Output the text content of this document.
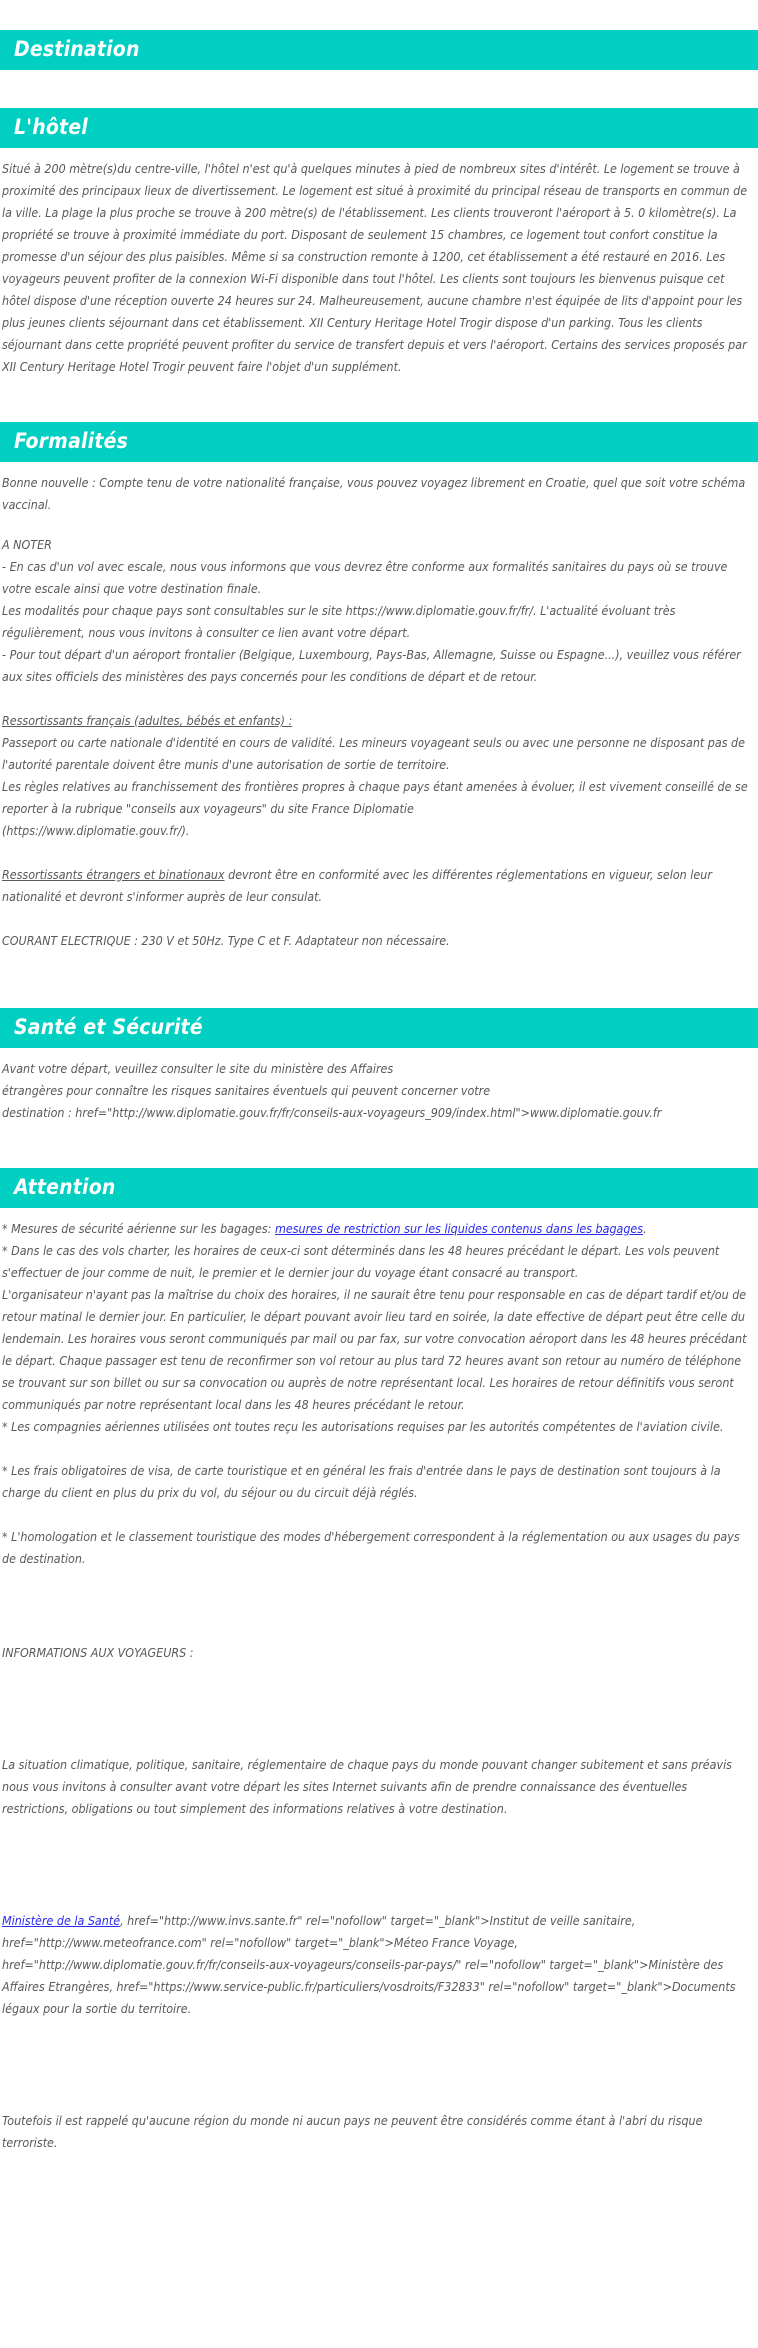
Destination
L'hôtel

Situé à 200 mètre(s)du centre-ville, l'hôtel n'est qu'à quelques minutes à pied de nombreux sites d'intérêt. Le logement se trouve à proximité des principaux lieux de divertissement. Le logement est situé à proximité du principal réseau de transports en commun de la ville. La plage la plus proche se trouve à 200 mètre(s) de l'établissement. Les clients trouveront l'aéroport à 5. 0 kilomètre(s). La propriété se trouve à proximité immédiate du port. Disposant de seulement 15 chambres, ce logement tout confort constitue la promesse d'un séjour des plus paisibles. Même si sa construction remonte à 1200, cet établissement a été restauré en 2016. Les voyageurs peuvent profiter de la connexion Wi-Fi disponible dans tout l'hôtel. Les clients sont toujours les bienvenus puisque cet hôtel dispose d'une réception ouverte 24 heures sur 24. Malheureusement, aucune chambre n'est équipée de lits d'appoint pour les plus jeunes clients séjournant dans cet établissement. XII Century Heritage Hotel Trogir dispose d'un parking. Tous les clients séjournant dans cette propriété peuvent profiter du service de transfert depuis et vers l'aéroport. Certains des services proposés par XII Century Heritage Hotel Trogir peuvent faire l'objet d'un supplément.

Formalités

Bonne nouvelle : Compte tenu de votre nationalité française, vous pouvez voyagez librement en Croatie, quel que soit votre schéma vaccinal.

A NOTER

- En cas d'un vol avec escale, nous vous informons que vous devrez être conforme aux formalités sanitaires du pays où se trouve votre escale ainsi que votre destination finale.

Les modalités pour chaque pays sont consultables sur le site https://www.diplomatie.gouv.fr/fr/. L'actualité évoluant très régulièrement, nous vous invitons à consulter ce lien avant votre départ.

- Pour tout départ d'un aéroport frontalier (Belgique, Luxembourg, Pays-Bas, Allemagne, Suisse ou Espagne...), veuillez vous référer aux sites officiels des ministères des pays concernés pour les conditions de départ et de retour.

Ressortissants français (adultes, bébés et enfants) :

Passeport ou carte nationale d'identité en cours de validité. Les mineurs voyageant seuls ou avec une personne ne disposant pas de l'autorité parentale doivent être munis d'une autorisation de sortie de territoire.

Les règles relatives au franchissement des frontières propres à chaque pays étant amenées à évoluer, il est vivement conseillé de se reporter à la rubrique "conseils aux voyageurs" du site France Diplomatie

(https://www.diplomatie.gouv.fr/).

Ressortissants étrangers et binationaux devront être en conformité avec les différentes réglementations en vigueur, selon leur nationalité et devront s'informer auprès de leur consulat.

COURANT ELECTRIQUE : 230 V et 50Hz. Type C et F. Adaptateur non nécessaire.

Santé et Sécurité

Avant votre départ, veuillez consulter le site du ministère des Affaires

étrangères pour connaître les risques sanitaires éventuels qui peuvent concerner votre

destination : href="http://www.diplomatie.gouv.fr/fr/conseils-aux-voyageurs_909/index.html">www.diplomatie.gouv.fr

Attention

* Mesures de sécurité aérienne sur les bagages: mesures de restriction sur les liquides contenus dans les bagages.

* Dans le cas des vols charter, les horaires de ceux-ci sont déterminés dans les 48 heures précédant le départ. Les vols peuvent s'effectuer de jour comme de nuit, le premier et le dernier jour du voyage étant consacré au transport.

L'organisateur n'ayant pas la maîtrise du choix des horaires, il ne saurait être tenu pour responsable en cas de départ tardif et/ou de retour matinal le dernier jour. En particulier, le départ pouvant avoir lieu tard en soirée, la date effective de départ peut être celle du lendemain. Les horaires vous seront communiqués par mail ou par fax, sur votre convocation aéroport dans les 48 heures précédant le départ. Chaque passager est tenu de reconfirmer son vol retour au plus tard 72 heures avant son retour au numéro de téléphone se trouvant sur son billet ou sur sa convocation ou auprès de notre représentant local. Les horaires de retour définitifs vous seront communiqués par notre représentant local dans les 48 heures précédant le retour.

* Les compagnies aériennes utilisées ont toutes reçu les autorisations requises par les autorités compétentes de l'aviation civile.

* Les frais obligatoires de visa, de carte touristique et en général les frais d'entrée dans le pays de destination sont toujours à la charge du client en plus du prix du vol, du séjour ou du circuit déjà réglés.

* L'homologation et le classement touristique des modes d'hébergement correspondent à la réglementation ou aux usages du pays de destination.

INFORMATIONS AUX VOYAGEURS :

La situation climatique, politique, sanitaire, réglementaire de chaque pays du monde pouvant changer subitement et sans préavis

nous vous invitons à consulter avant votre départ les sites Internet suivants afin de prendre connaissance des éventuelles restrictions, obligations ou tout simplement des informations relatives à votre destination.

Ministère de la Santé, href="http://www.invs.sante.fr" rel="nofollow" target="_blank">Institut de veille sanitaire, href="http://www.meteofrance.com" rel="nofollow" target="_blank">Méteo France Voyage, href="http://www.diplomatie.gouv.fr/fr/conseils-aux-voyageurs/conseils-par-pays/" rel="nofollow" target="_blank">Ministère des Affaires Etrangères, href="https://www.service-public.fr/particuliers/vosdroits/F32833" rel="nofollow" target="_blank">Documents légaux pour la sortie du territoire.

Toutefois il est rappelé qu'aucune région du monde ni aucun pays ne peuvent être considérés comme étant à l'abri du risque terroriste.
